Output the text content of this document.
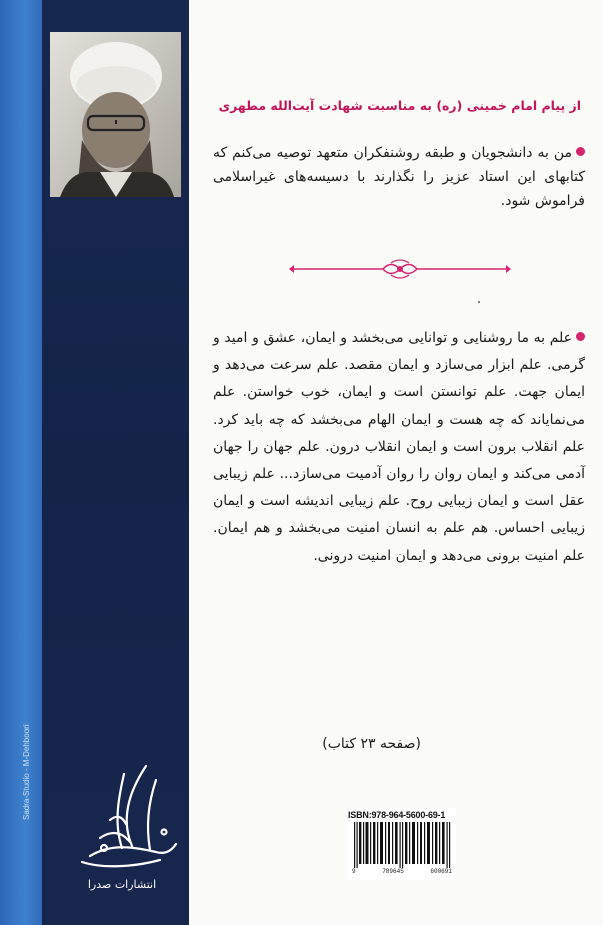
از پیام امام خمینی (ره) به مناسبت شهادت آیت‌الله مطهری
من به دانشجویان و طبقه روشنفکران متعهد توصیه می‌کنم که کتابهای این استاد عزیز را نگذارند با دسیسه‌های غیراسلامی فراموش شود.
علم به ما روشنایی و توانایی می‌بخشد و ایمان، عشق و امید و گرمی. علم ابزار می‌سازد و ایمان مقصد. علم سرعت می‌دهد و ایمان جهت. علم توانستن است و ایمان، خوب خواستن. علم می‌نمایاند که چه هست و ایمان الهام می‌بخشد که چه باید کرد. علم انقلاب برون است و ایمان انقلاب درون. علم جهان را جهان آدمی می‌کند و ایمان روان را روان آدمیت می‌سازد... علم زیبایی عقل است و ایمان زیبایی روح. علم زیبایی اندیشه است و ایمان زیبایی احساس. هم علم به انسان امنیت می‌بخشد و هم ایمان. علم امنیت برونی می‌دهد و ایمان امنیت درونی.
(صفحه ۲۳ کتاب)
انتشارات صدرا
ISBN:978-964-5600-69-1
9	789645	600691
